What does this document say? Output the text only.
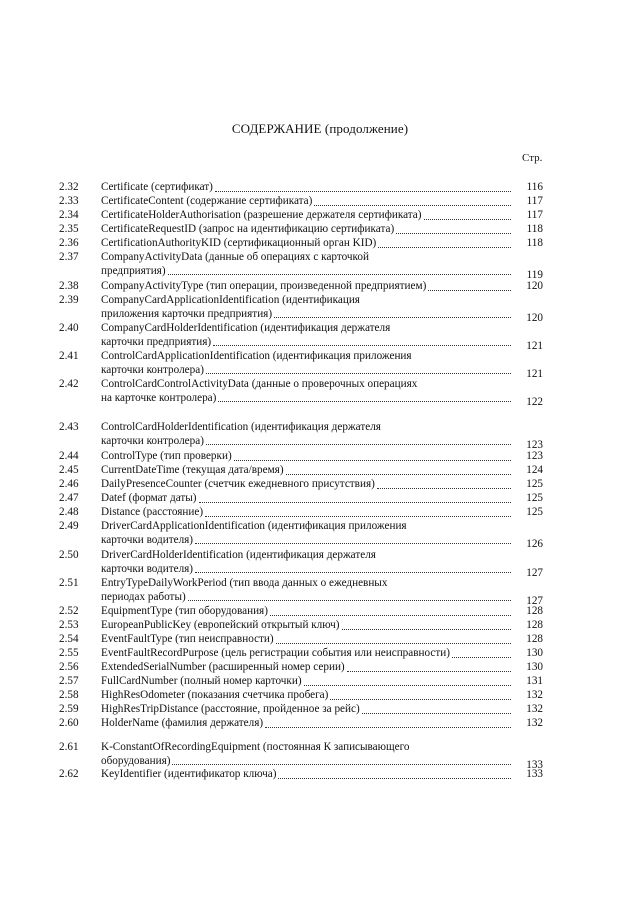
СОДЕРЖАНИЕ (продолжение)
Стр.
2.32	Certificate (сертификат)	116
2.33	CertificateContent (содержание сертификата)	117
2.34	CertificateHolderAuthorisation (разрешение держателя сертификата)	117
2.35	CertificateRequestID (запрос на идентификацию сертификата)	118
2.36	CertificationAuthorityKID (сертификационный орган KID)	118
2.37	CompanyActivityData (данные об операциях с карточкой
предприятия)	119
2.38	CompanyActivityType (тип операции, произведенной предприятием)	120
2.39	CompanyCardApplicationIdentification (идентификация
приложения карточки предприятия)	120
2.40	CompanyCardHolderIdentification (идентификация держателя
карточки предприятия)	121
2.41	ControlCardApplicationIdentification (идентификация приложения
карточки контролера)	121
2.42	ControlCardControlActivityData (данные о проверочных операциях
на карточке контролера)	122
2.43	ControlCardHolderIdentification (идентификация держателя
карточки контролера)	123
2.44	ControlType (тип проверки)	123
2.45	CurrentDateTime (текущая дата/время)	124
2.46	DailyPresenceCounter (счетчик ежедневного присутствия)	125
2.47	Datef (формат даты)	125
2.48	Distance (расстояние)	125
2.49	DriverCardApplicationIdentification (идентификация приложения
карточки водителя)	126
2.50	DriverCardHolderIdentification (идентификация держателя
карточки водителя)	127
2.51	EntryTypeDailyWorkPeriod (тип ввода данных о ежедневных
периодах работы)	127
2.52	EquipmentType (тип оборудования)	128
2.53	EuropeanPublicKey (европейский открытый ключ)	128
2.54	EventFaultType (тип неисправности)	128
2.55	EventFaultRecordPurpose (цель регистрации события или неисправности)	130
2.56	ExtendedSerialNumber (расширенный номер серии)	130
2.57	FullCardNumber (полный номер карточки)	131
2.58	HighResOdometer (показания счетчика пробега)	132
2.59	HighResTripDistance (расстояние, пройденное за рейс)	132
2.60	HolderName (фамилия держателя)	132
2.61	K-ConstantOfRecordingEquipment (постоянная К записывающего
оборудования)	133
2.62	KeyIdentifier (идентификатор ключа)	133
